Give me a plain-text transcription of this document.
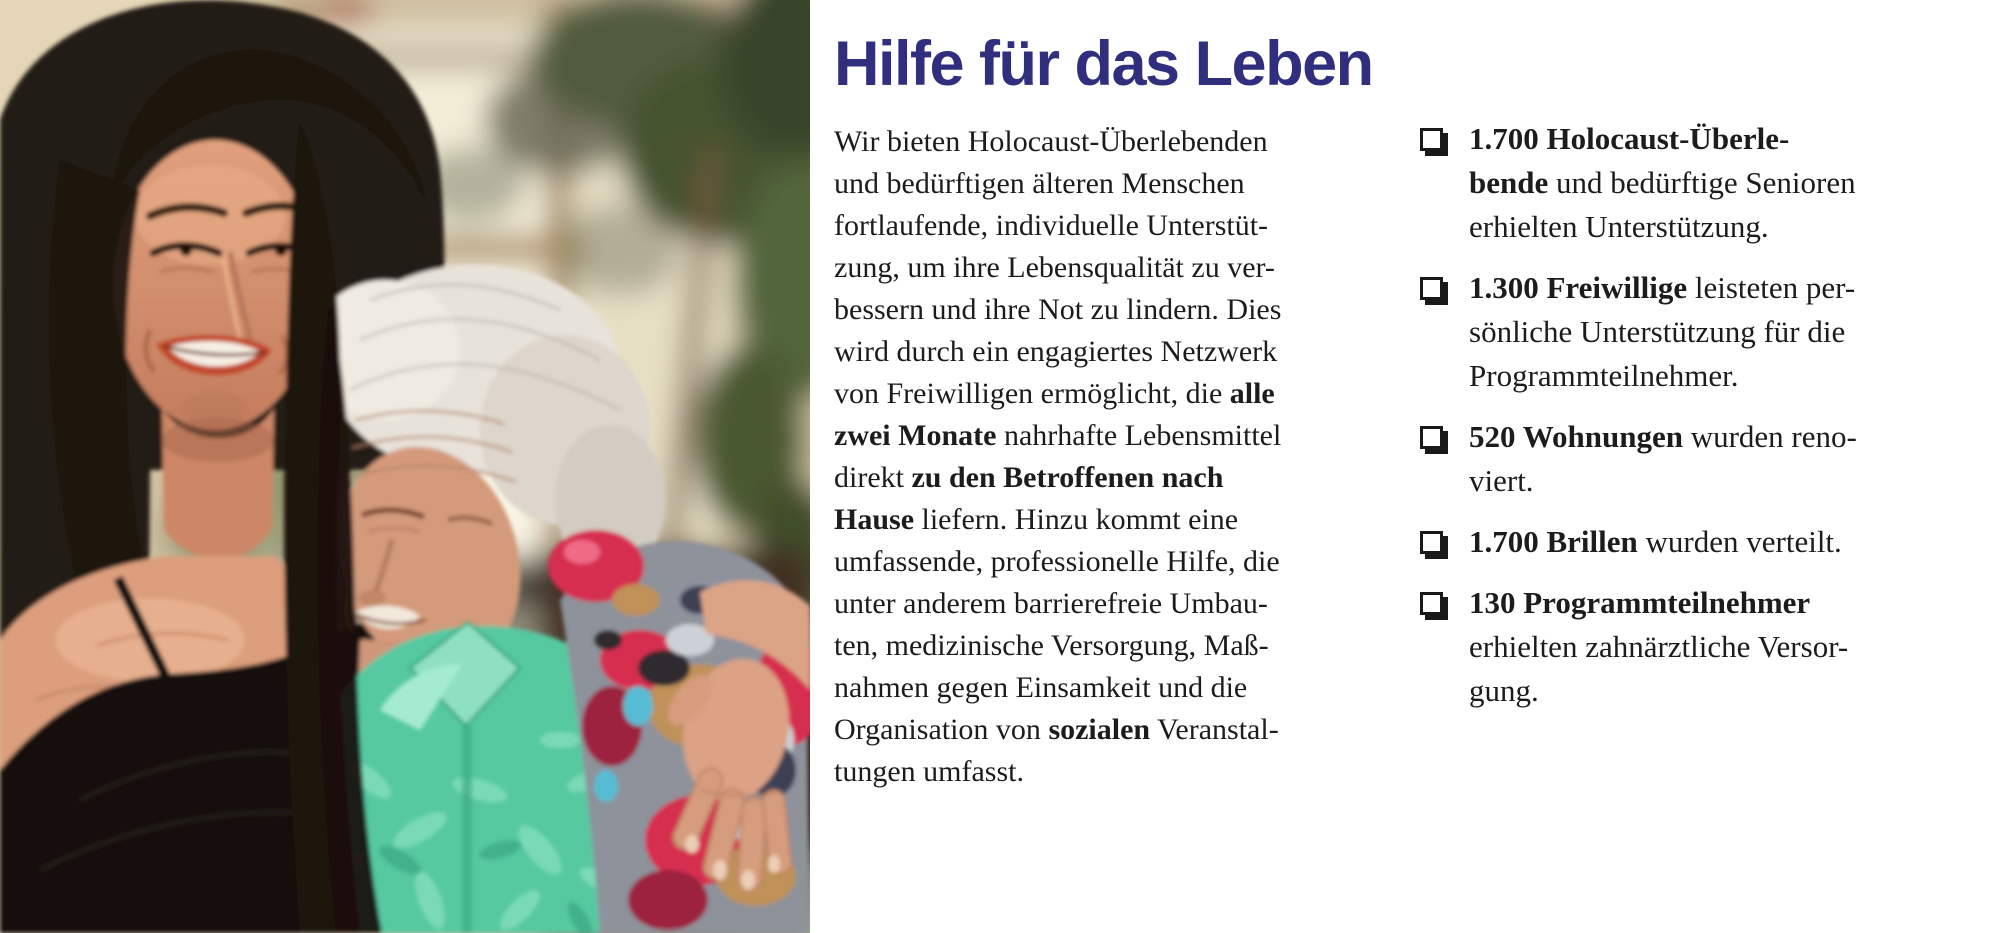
Hilfe für das Leben

Wir bieten Holocaust-Überlebenden
und bedürftigen älteren Menschen
fortlaufende, individuelle Unterstüt-
zung, um ihre Lebensqualität zu ver-
bessern und ihre Not zu lindern. Dies
wird durch ein engagiertes Netzwerk
von Freiwilligen ermöglicht, die alle
zwei Monate nahrhafte Lebensmittel
direkt zu den Betroffenen nach
Hause liefern. Hinzu kommt eine
umfassende, professionelle Hilfe, die
unter anderem barrierefreie Umbau-
ten, medizinische Versorgung, Maß-
nahmen gegen Einsamkeit und die
Organisation von sozialen Veranstal-
tungen umfasst.

1.700 Holocaust-Überle-
bende und bedürftige Senioren
erhielten Unterstützung.
1.300 Freiwillige leisteten per-
sönliche Unterstützung für die
Programmteilnehmer.
520 Wohnungen wurden reno-
viert.
1.700 Brillen wurden verteilt.
130 Programmteilnehmer
erhielten zahnärztliche Versor-
gung.
